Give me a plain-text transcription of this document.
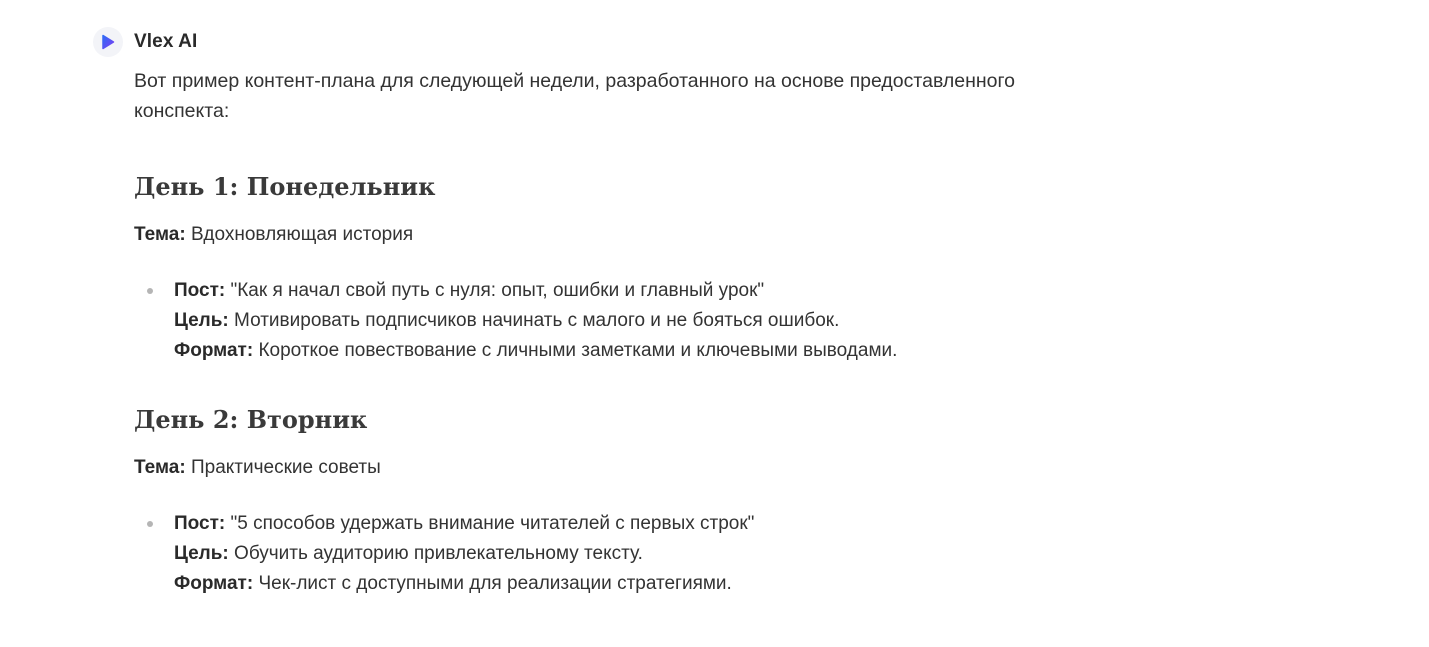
Vlex AI

Вот пример контент-плана для следующей недели, разработанного на основе предоставленного конспекта:

День 1: Понедельник

Тема: Вдохновляющая история

Пост: "Как я начал свой путь с нуля: опыт, ошибки и главный урок"
Цель: Мотивировать подписчиков начинать с малого и не бояться ошибок.
Формат: Короткое повествование с личными заметками и ключевыми выводами.
День 2: Вторник

Тема: Практические советы

Пост: "5 способов удержать внимание читателей с первых строк"
Цель: Обучить аудиторию привлекательному тексту.
Формат: Чек-лист с доступными для реализации стратегиями.
